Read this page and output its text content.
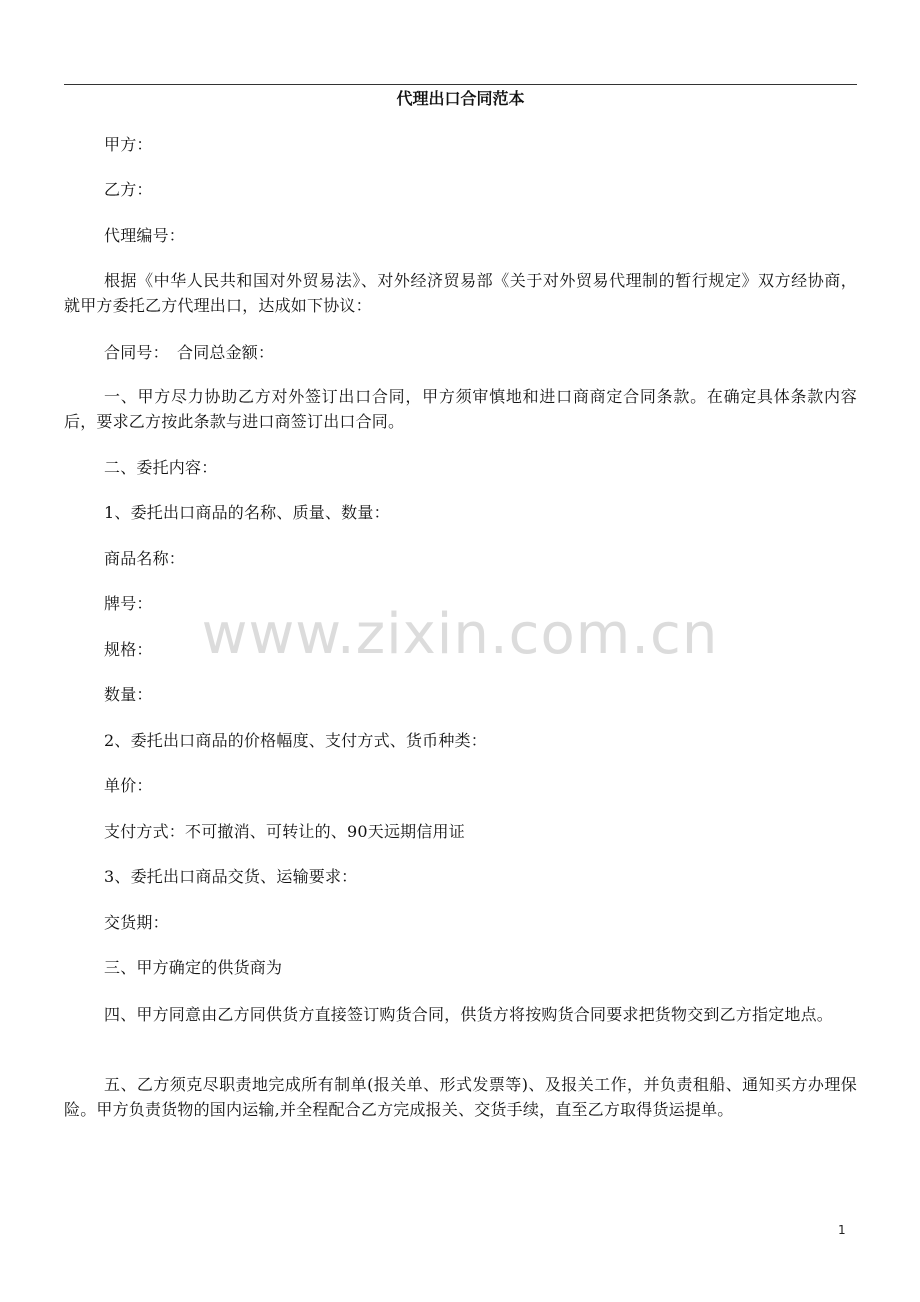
代理出口合同范本
甲方：
乙方：
代理编号：
根据《中华人民共和国对外贸易法》、对外经济贸易部《关于对外贸易代理制的暂行规定》双方经协商，就甲方委托乙方代理出口，达成如下协议：
合同号：　合同总金额：
一、甲方尽力协助乙方对外签订出口合同，甲方须审慎地和进口商商定合同条款。在确定具体条款内容后，要求乙方按此条款与进口商签订出口合同。
二、委托内容：
1、委托出口商品的名称、质量、数量：
商品名称：
牌号：
规格：
数量：
2、委托出口商品的价格幅度、支付方式、货币种类：
单价：
支付方式：不可撤消、可转让的、90天远期信用证
3、委托出口商品交货、运输要求：
交货期：
三、甲方确定的供货商为
四、甲方同意由乙方同供货方直接签订购货合同，供货方将按购货合同要求把货物交到乙方指定地点。
五、乙方须克尽职责地完成所有制单(报关单、形式发票等)、及报关工作，并负责租船、通知买方办理保险。甲方负责货物的国内运输,并全程配合乙方完成报关、交货手续，直至乙方取得货运提单。
www.zixin.com.cn
1
